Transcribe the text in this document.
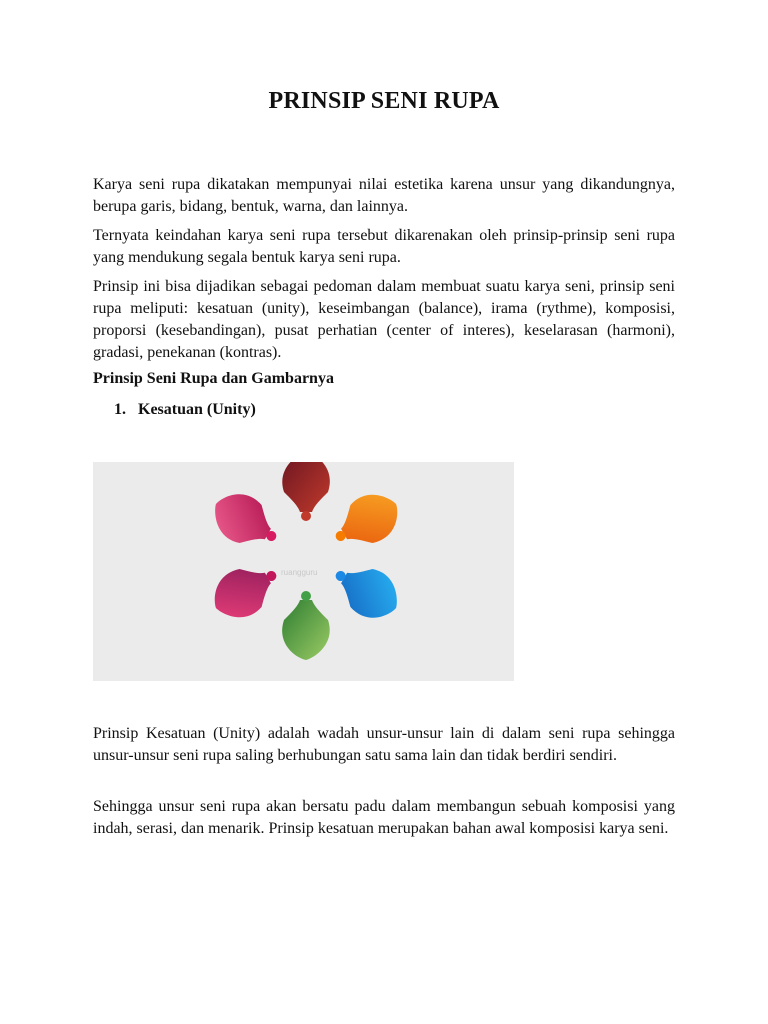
PRINSIP SENI RUPA

Karya seni rupa dikatakan mempunyai nilai estetika karena unsur yang dikandungnya, berupa garis, bidang, bentuk, warna, dan lainnya.

Ternyata keindahan karya seni rupa tersebut dikarenakan oleh prinsip-prinsip seni rupa yang mendukung segala bentuk karya seni rupa.

Prinsip ini bisa dijadikan sebagai pedoman dalam membuat suatu karya seni, prinsip seni rupa meliputi: kesatuan (unity), keseimbangan (balance), irama (rythme), komposisi, proporsi (kesebandingan), pusat perhatian (center of interes), keselarasan (harmoni), gradasi, penekanan (kontras).

Prinsip Seni Rupa dan Gambarnya

1. Kesatuan (Unity)

ruangguru

Prinsip Kesatuan (Unity) adalah wadah unsur-unsur lain di dalam seni rupa sehingga unsur-unsur seni rupa saling berhubungan satu sama lain dan tidak berdiri sendiri.

Sehingga unsur seni rupa akan bersatu padu dalam membangun sebuah komposisi yang indah, serasi, dan menarik. Prinsip kesatuan merupakan bahan awal komposisi karya seni.
